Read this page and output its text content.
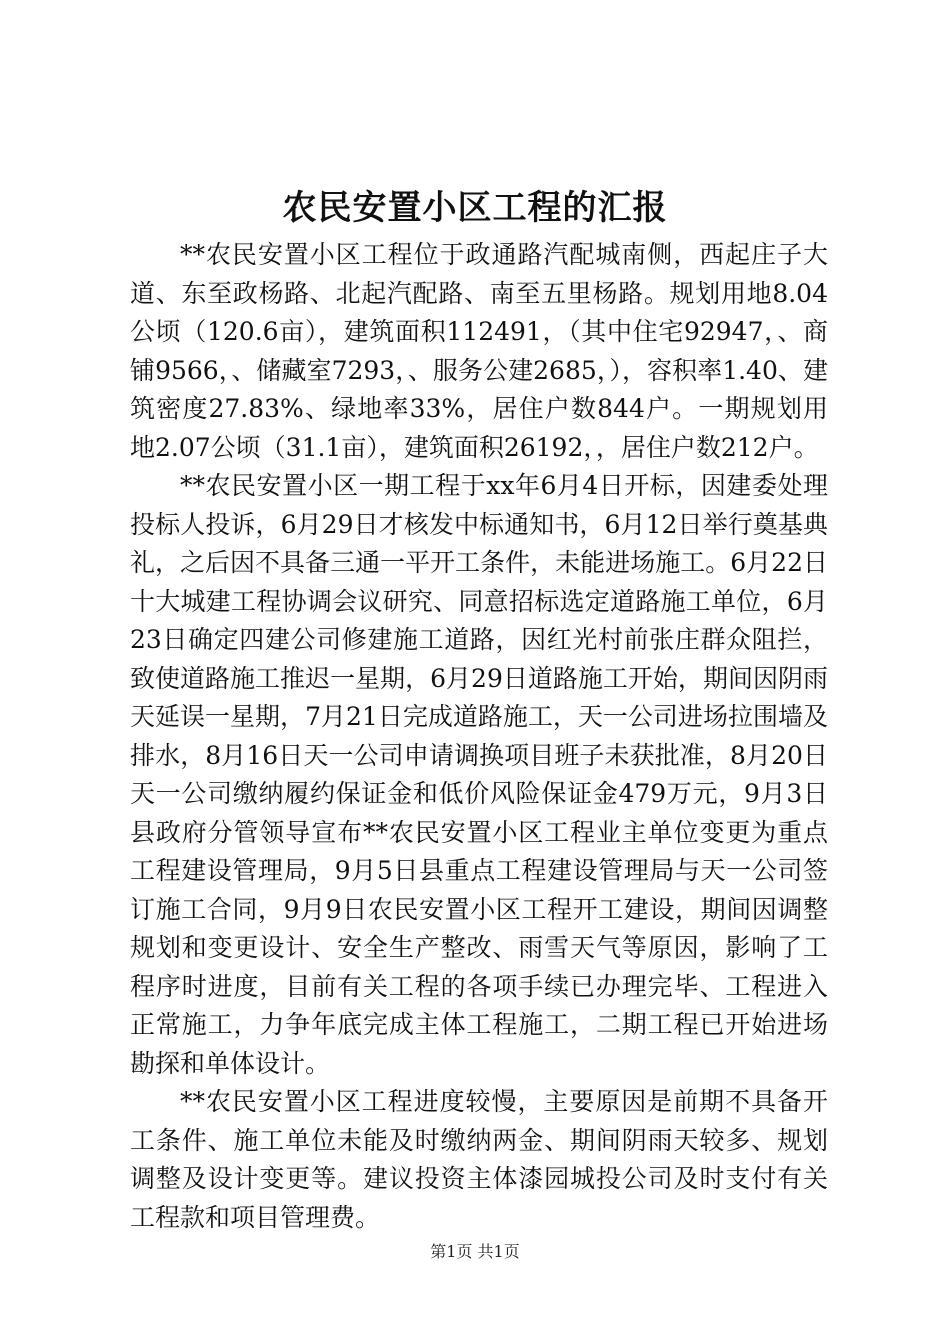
农民安置小区工程的汇报

**农民安置小区工程位于政通路汽配城南侧，西起庄子大道、东至政杨路、北起汽配路、南至五里杨路。规划用地8.04公顷（120.6亩），建筑面积112491，（其中住宅92947，、商铺9566，、储藏室7293，、服务公建2685，），容积率1.40、建筑密度27.83%、绿地率33%，居住户数844户。一期规划用地2.07公顷（31.1亩），建筑面积26192，，居住户数212户。

**农民安置小区一期工程于xx年6月4日开标，因建委处理投标人投诉，6月29日才核发中标通知书，6月12日举行奠基典礼，之后因不具备三通一平开工条件，未能进场施工。6月22日十大城建工程协调会议研究、同意招标选定道路施工单位，6月23日确定四建公司修建施工道路，因红光村前张庄群众阻拦，致使道路施工推迟一星期，6月29日道路施工开始，期间因阴雨天延误一星期，7月21日完成道路施工，天一公司进场拉围墙及排水，8月16日天一公司申请调换项目班子未获批准，8月20日天一公司缴纳履约保证金和低价风险保证金479万元，9月3日县政府分管领导宣布**农民安置小区工程业主单位变更为重点工程建设管理局，9月5日县重点工程建设管理局与天一公司签订施工合同，9月9日农民安置小区工程开工建设，期间因调整规划和变更设计、安全生产整改、雨雪天气等原因，影响了工程序时进度，目前有关工程的各项手续已办理完毕、工程进入正常施工，力争年底完成主体工程施工，二期工程已开始进场勘探和单体设计。

**农民安置小区工程进度较慢，主要原因是前期不具备开工条件、施工单位未能及时缴纳两金、期间阴雨天较多、规划调整及设计变更等。建议投资主体漆园城投公司及时支付有关工程款和项目管理费。

第1页 共1页
